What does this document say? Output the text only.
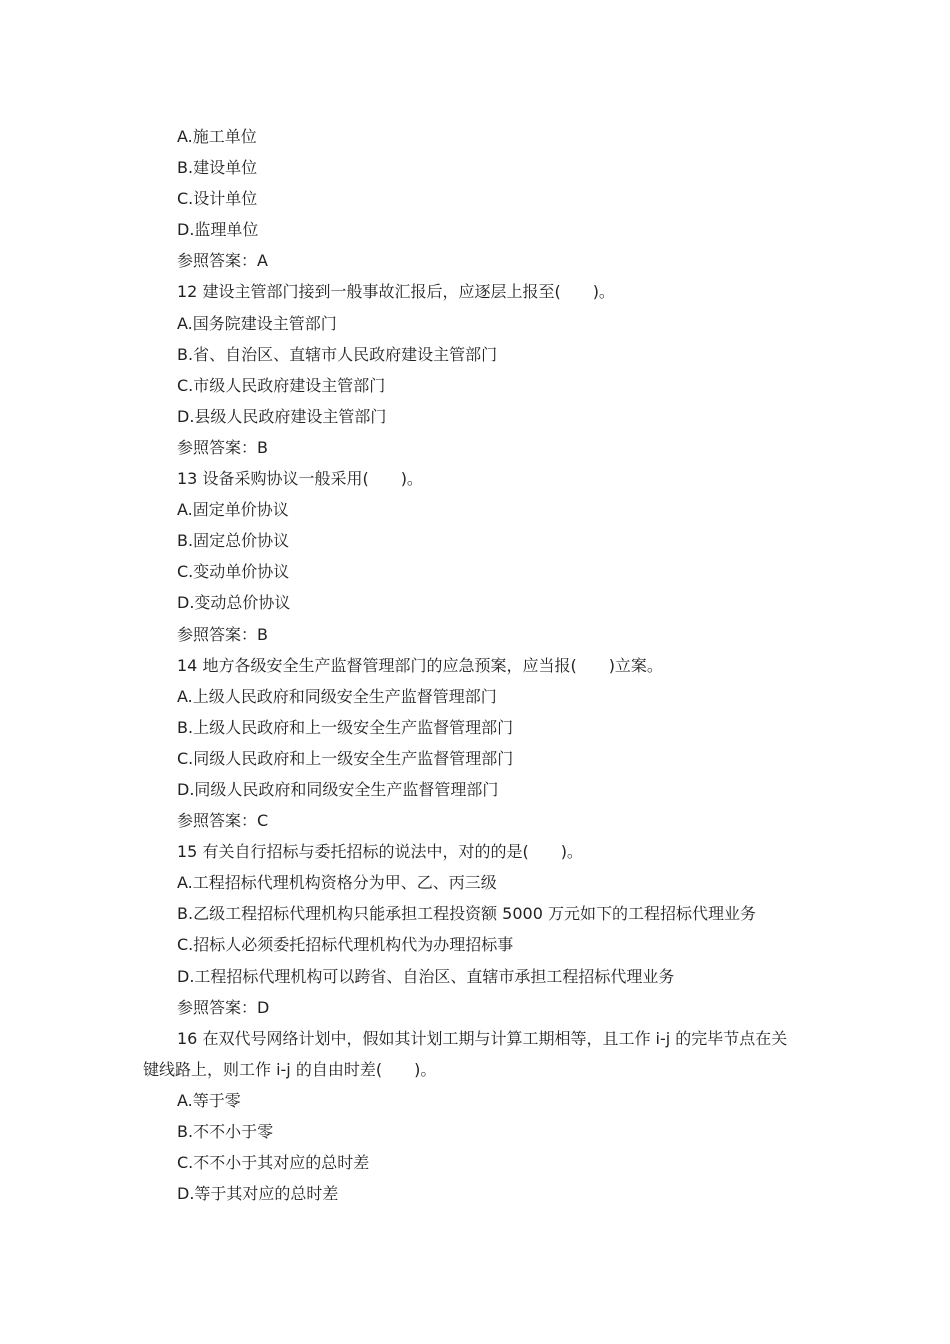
A.施工单位
B.建设单位
C.设计单位
D.监理单位
参照答案：A
12 建设主管部门接到一般事故汇报后，应逐层上报至(　　)。
A.国务院建设主管部门
B.省、自治区、直辖市人民政府建设主管部门
C.市级人民政府建设主管部门
D.县级人民政府建设主管部门
参照答案：B
13 设备采购协议一般采用(　　)。
A.固定单价协议
B.固定总价协议
C.变动单价协议
D.变动总价协议
参照答案：B
14 地方各级安全生产监督管理部门的应急预案，应当报(　　)立案。
A.上级人民政府和同级安全生产监督管理部门
B.上级人民政府和上一级安全生产监督管理部门
C.同级人民政府和上一级安全生产监督管理部门
D.同级人民政府和同级安全生产监督管理部门
参照答案：C
15 有关自行招标与委托招标的说法中，对的的是(　　)。
A.工程招标代理机构资格分为甲、乙、丙三级
B.乙级工程招标代理机构只能承担工程投资额 5000 万元如下的工程招标代理业务
C.招标人必须委托招标代理机构代为办理招标事
D.工程招标代理机构可以跨省、自治区、直辖市承担工程招标代理业务
参照答案：D
16 在双代号网络计划中，假如其计划工期与计算工期相等，且工作 i-j 的完毕节点在关键线路上，则工作 i-j 的自由时差(　　)。
A.等于零
B.不不小于零
C.不不小于其对应的总时差
D.等于其对应的总时差
